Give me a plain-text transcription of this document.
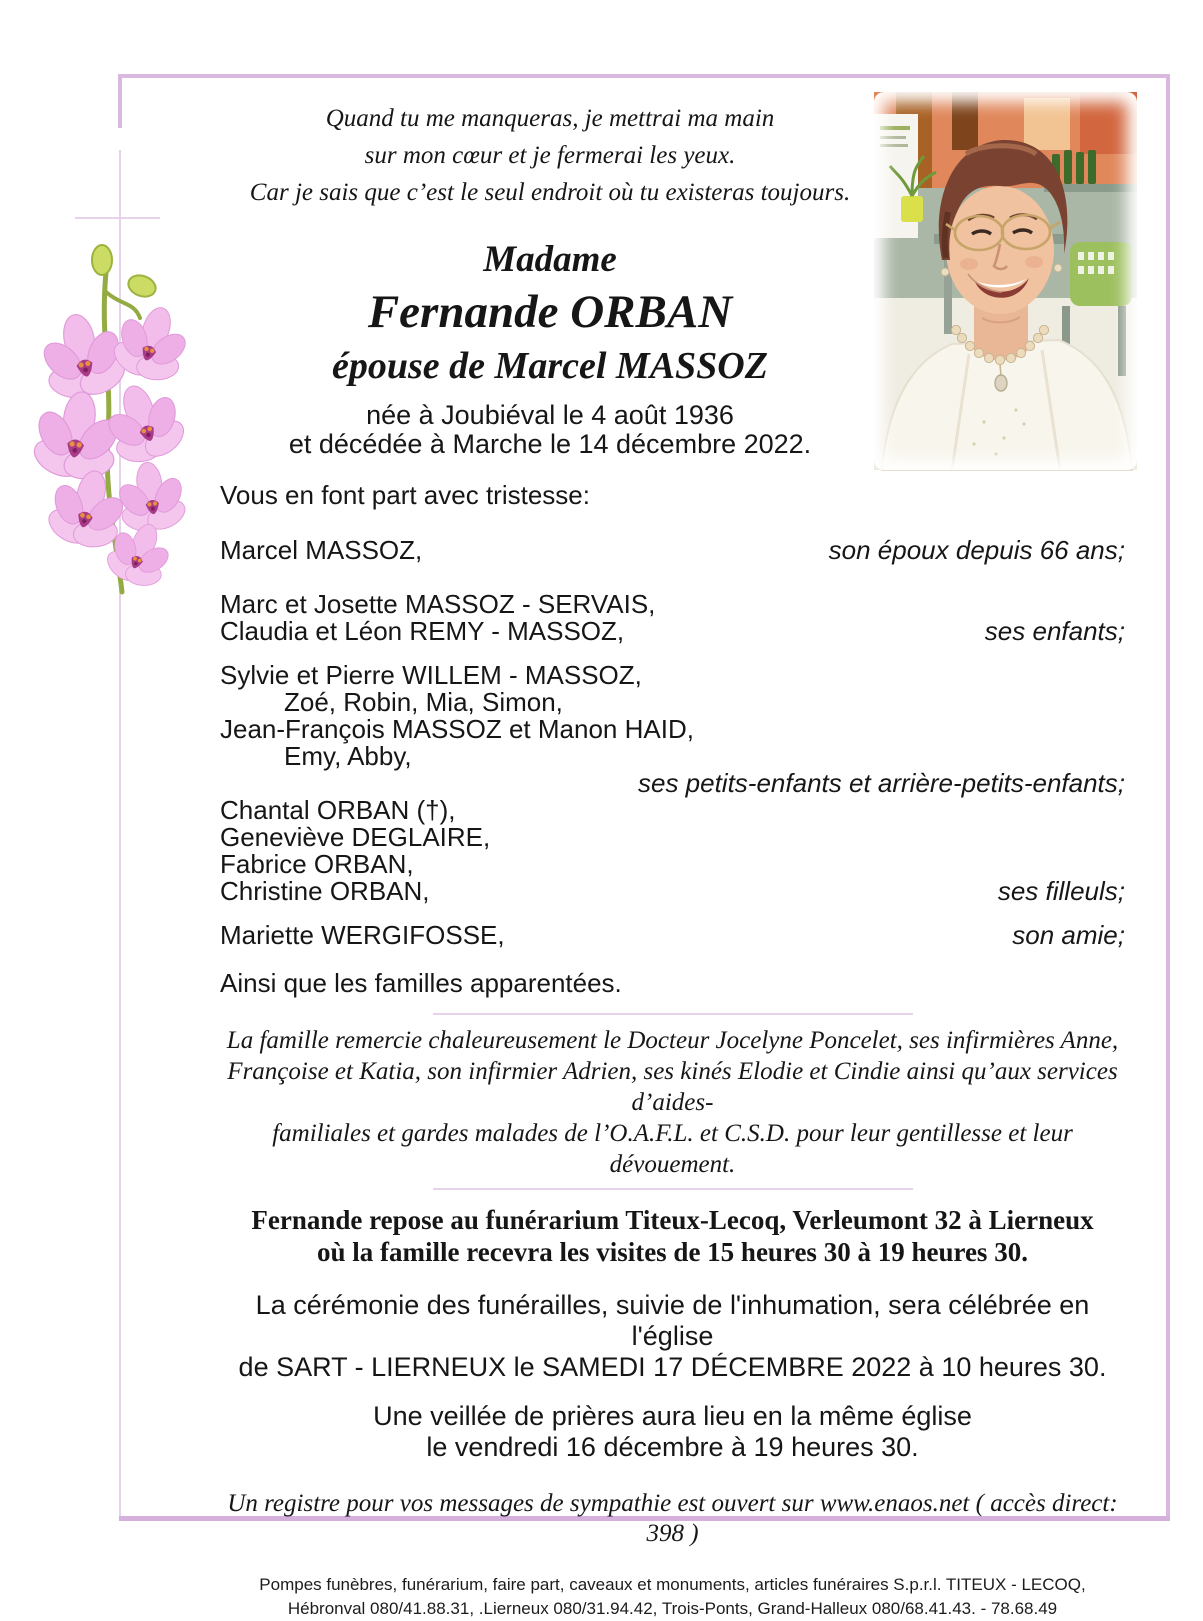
Quand tu me manqueras, je mettrai ma main
sur mon cœur et je fermerai les yeux.
Car je sais que c’est le seul endroit où tu existeras toujours.
Madame
Fernande ORBAN
épouse de Marcel MASSOZ
née à Joubiéval le 4 août 1936
et décédée à Marche le 14 décembre 2022.
Vous en font part avec tristesse:
Marcel MASSOZ,	son époux depuis 66 ans;
Marc et Josette MASSOZ - SERVAIS,
Claudia et Léon REMY - MASSOZ,	ses enfants;
Sylvie et Pierre WILLEM - MASSOZ,
Zoé, Robin, Mia, Simon,
Jean-François MASSOZ et Manon HAID,
Emy, Abby,
ses petits-enfants et arrière-petits-enfants;
Chantal ORBAN (†),
Geneviève DEGLAIRE,
Fabrice ORBAN,
Christine ORBAN,	ses filleuls;
Mariette WERGIFOSSE,	son amie;
Ainsi que les familles apparentées.
La famille remercie chaleureusement le Docteur Jocelyne Poncelet, ses infirmières Anne,
Françoise et Katia, son infirmier Adrien, ses kinés Elodie et Cindie ainsi qu’aux services d’aides-
familiales et gardes malades de l’O.A.F.L. et C.S.D. pour leur gentillesse et leur dévouement.
Fernande repose au funérarium Titeux-Lecoq, Verleumont 32 à Lierneux
où la famille recevra les visites de 15 heures 30 à 19 heures 30.
La cérémonie des funérailles, suivie de l'inhumation, sera célébrée en l'église
de SART - LIERNEUX le SAMEDI 17 DÉCEMBRE 2022 à 10 heures 30.
Une veillée de prières aura lieu en la même église
le vendredi 16 décembre à 19 heures 30.
Un registre pour vos messages de sympathie est ouvert sur www.enaos.net ( accès direct: 398 )
Pompes funèbres, funérarium, faire part, caveaux et monuments, articles funéraires S.p.r.l. TITEUX - LECOQ,
Hébronval 080/41.88.31, .Lierneux 080/31.94.42, Trois-Ponts, Grand-Halleux 080/68.41.43. - 78.68.49
